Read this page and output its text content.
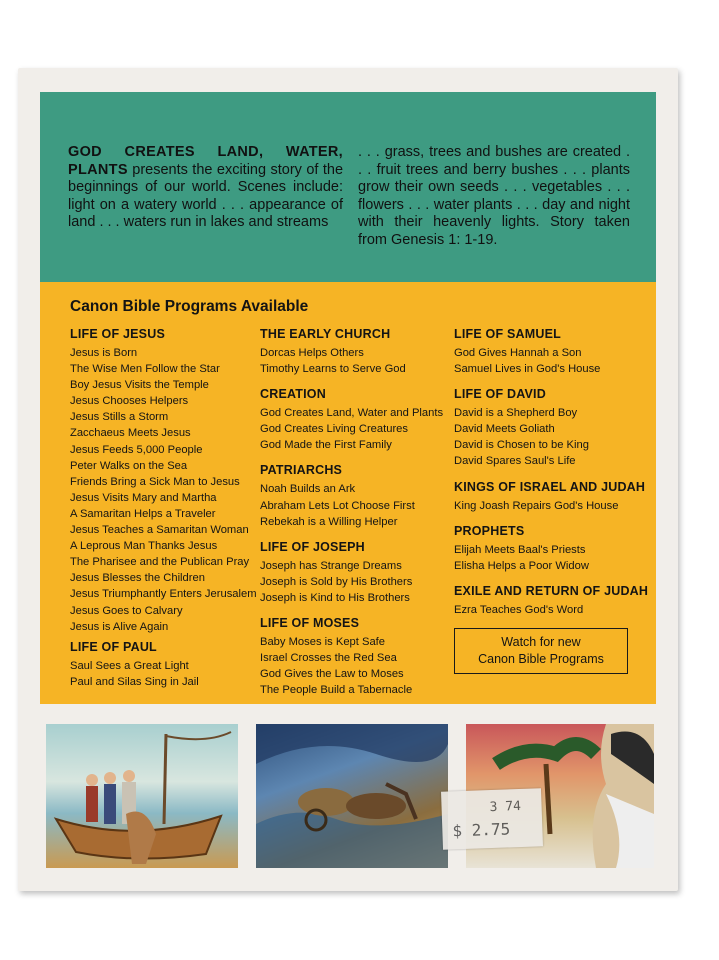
GOD CREATES LAND, WATER, PLANTS presents the exciting story of the beginnings of our world. Scenes include: light on a watery world . . . appearance of land . . . waters run in lakes and streams
. . . grass, trees and bushes are created . . . fruit trees and berry bushes . . . plants grow their own seeds . . . vegetables . . . flowers . . . water plants . . . day and night with their heavenly lights. Story taken from Genesis 1: 1-19.
Canon Bible Programs Available
LIFE OF JESUS
Jesus is Born
The Wise Men Follow the Star
Boy Jesus Visits the Temple
Jesus Chooses Helpers
Jesus Stills a Storm
Zacchaeus Meets Jesus
Jesus Feeds 5,000 People
Peter Walks on the Sea
Friends Bring a Sick Man to Jesus
Jesus Visits Mary and Martha
A Samaritan Helps a Traveler
Jesus Teaches a Samaritan Woman
A Leprous Man Thanks Jesus
The Pharisee and the Publican Pray
Jesus Blesses the Children
Jesus Triumphantly Enters Jerusalem
Jesus Goes to Calvary
Jesus is Alive Again
LIFE OF PAUL
Saul Sees a Great Light
Paul and Silas Sing in Jail
THE EARLY CHURCH
Dorcas Helps Others
Timothy Learns to Serve God
CREATION
God Creates Land, Water and Plants
God Creates Living Creatures
God Made the First Family
PATRIARCHS
Noah Builds an Ark
Abraham Lets Lot Choose First
Rebekah is a Willing Helper
LIFE OF JOSEPH
Joseph has Strange Dreams
Joseph is Sold by His Brothers
Joseph is Kind to His Brothers
LIFE OF MOSES
Baby Moses is Kept Safe
Israel Crosses the Red Sea
God Gives the Law to Moses
The People Build a Tabernacle
LIFE OF SAMUEL
God Gives Hannah a Son
Samuel Lives in God's House
LIFE OF DAVID
David is a Shepherd Boy
David Meets Goliath
David is Chosen to be King
David Spares Saul's Life
KINGS OF ISRAEL AND JUDAH
King Joash Repairs God's House
PROPHETS
Elijah Meets Baal's Priests
Elisha Helps a Poor Widow
EXILE AND RETURN OF JUDAH
Ezra Teaches God's Word
Watch for new
Canon Bible Programs
3 74
$ 2.75
